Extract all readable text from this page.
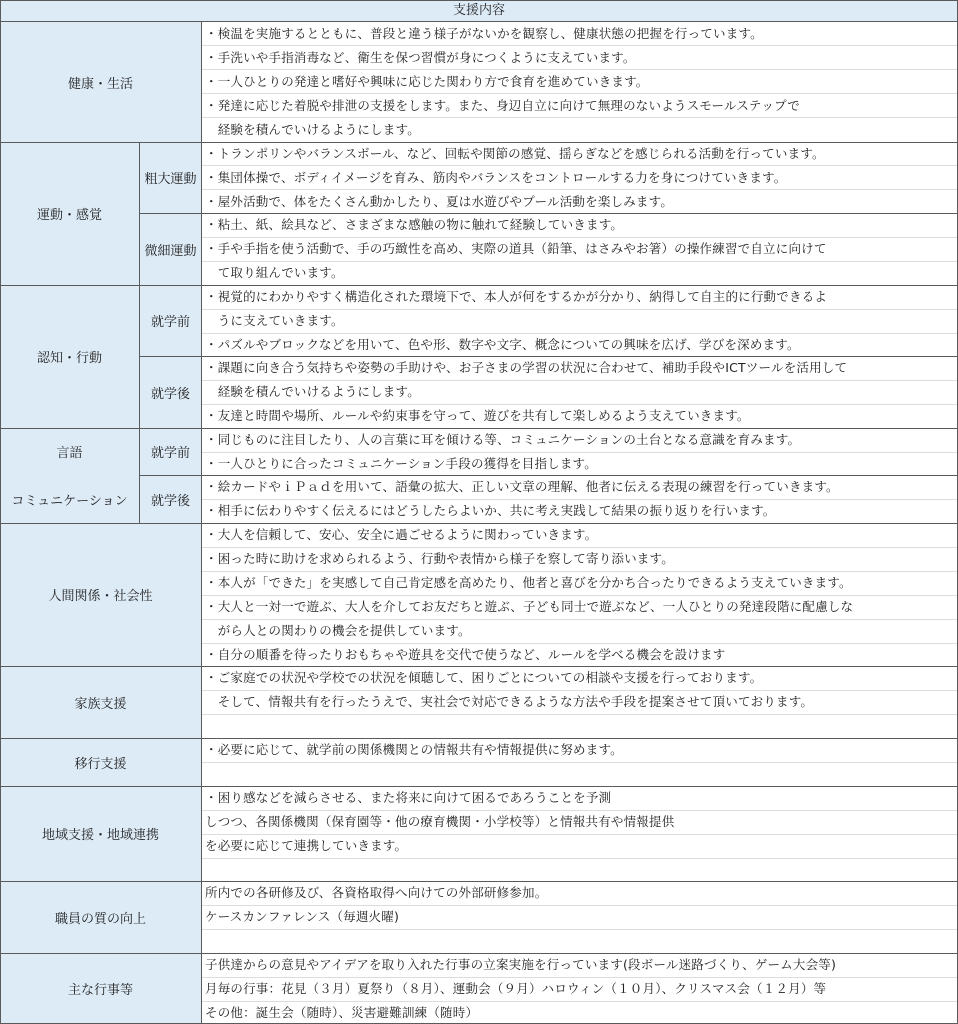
支援内容
健康・生活
運動・感覚
粗大運動
微細運動
認知・行動
就学前
就学後
言語
コミュニケーション
就学前
就学後
人間関係・社会性
家族支援
移行支援
地域支援・地域連携
職員の質の向上
主な行事等
・検温を実施するとともに、普段と違う様子がないかを観察し、健康状態の把握を行っています。
・手洗いや手指消毒など、衛生を保つ習慣が身につくように支えています。
・一人ひとりの発達と嗜好や興味に応じた関わり方で食育を進めていきます。
・発達に応じた着脱や排泄の支援をします。また、身辺自立に向けて無理のないようスモールステップで
　経験を積んでいけるようにします。
・トランポリンやバランスボール、など、回転や関節の感覚、揺らぎなどを感じられる活動を行っています。
・集団体操で、ボディイメージを育み、筋肉やバランスをコントロールする力を身につけていきます。
・屋外活動で、体をたくさん動かしたり、夏は水遊びやプール活動を楽しみます。
・粘土、紙、絵具など、さまざまな感触の物に触れて経験していきます。
・手や手指を使う活動で、手の巧緻性を高め、実際の道具（鉛筆、はさみやお箸）の操作練習で自立に向けて
　て取り組んでいます。
・視覚的にわかりやすく構造化された環境下で、本人が何をするかが分かり、納得して自主的に行動できるよ
　うに支えていきます。
・パズルやブロックなどを用いて、色や形、数字や文字、概念についての興味を広げ、学びを深めます。
・課題に向き合う気持ちや姿勢の手助けや、お子さまの学習の状況に合わせて、補助手段やICTツールを活用して
　経験を積んでいけるようにします。
・友達と時間や場所、ルールや約束事を守って、遊びを共有して楽しめるよう支えていきます。
・同じものに注目したり、人の言葉に耳を傾ける等、コミュニケーションの土台となる意識を育みます。
・一人ひとりに合ったコミュニケーション手段の獲得を目指します。
・絵カードやｉＰａｄを用いて、語彙の拡大、正しい文章の理解、他者に伝える表現の練習を行っていきます。
・相手に伝わりやすく伝えるにはどうしたらよいか、共に考え実践して結果の振り返りを行います。
・大人を信頼して、安心、安全に過ごせるように関わっていきます。
・困った時に助けを求められるよう、行動や表情から様子を察して寄り添います。
・本人が「できた」を実感して自己肯定感を高めたり、他者と喜びを分かち合ったりできるよう支えていきます。
・大人と一対一で遊ぶ、大人を介してお友だちと遊ぶ、子ども同士で遊ぶなど、一人ひとりの発達段階に配慮しな
　がら人との関わりの機会を提供しています。
・自分の順番を待ったりおもちゃや遊具を交代で使うなど、ルールを学べる機会を設けます
・ご家庭での状況や学校での状況を傾聴して、困りごとについての相談や支援を行っております。
　そして、情報共有を行ったうえで、実社会で対応できるような方法や手段を提案させて頂いております。
・必要に応じて、就学前の関係機関との情報共有や情報提供に努めます。
・困り感などを減らさせる、また将来に向けて困るであろうことを予測
しつつ、各関係機関（保育園等・他の療育機関・小学校等）と情報共有や情報提供
を必要に応じて連携していきます。
所内での各研修及び、各資格取得へ向けての外部研修参加。
ケースカンファレンス（毎週火曜)
子供達からの意見やアイデアを取り入れた行事の立案実施を行っています(段ボール迷路づくり、ゲーム大会等)
月毎の行事：花見（３月）夏祭り（８月）、運動会（９月）ハロウィン（１０月）、クリスマス会（１２月）等
その他：誕生会（随時）、災害避難訓練（随時）
